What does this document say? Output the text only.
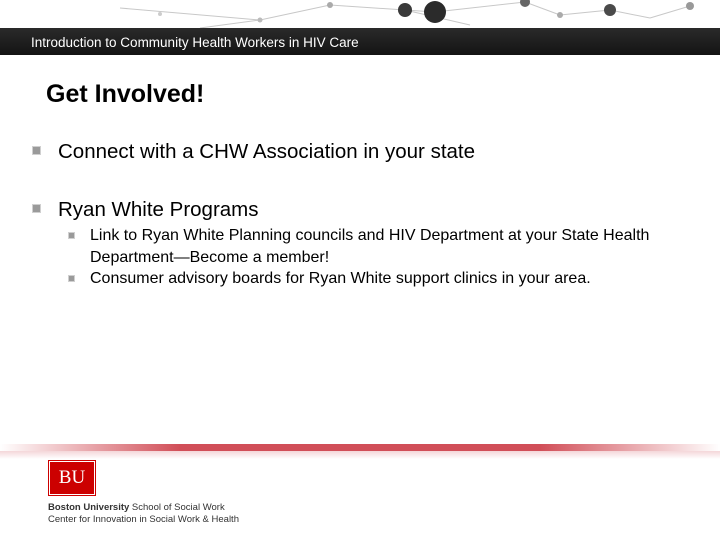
Introduction to Community Health Workers in HIV Care
Get Involved!
Connect with a CHW Association in your state
Ryan White Programs
Link to Ryan White Planning councils and HIV Department at your State Health Department—Become a member!
Consumer advisory boards for Ryan White support clinics in your area.
BU
Boston University School of Social Work
Center for Innovation in Social Work & Health
